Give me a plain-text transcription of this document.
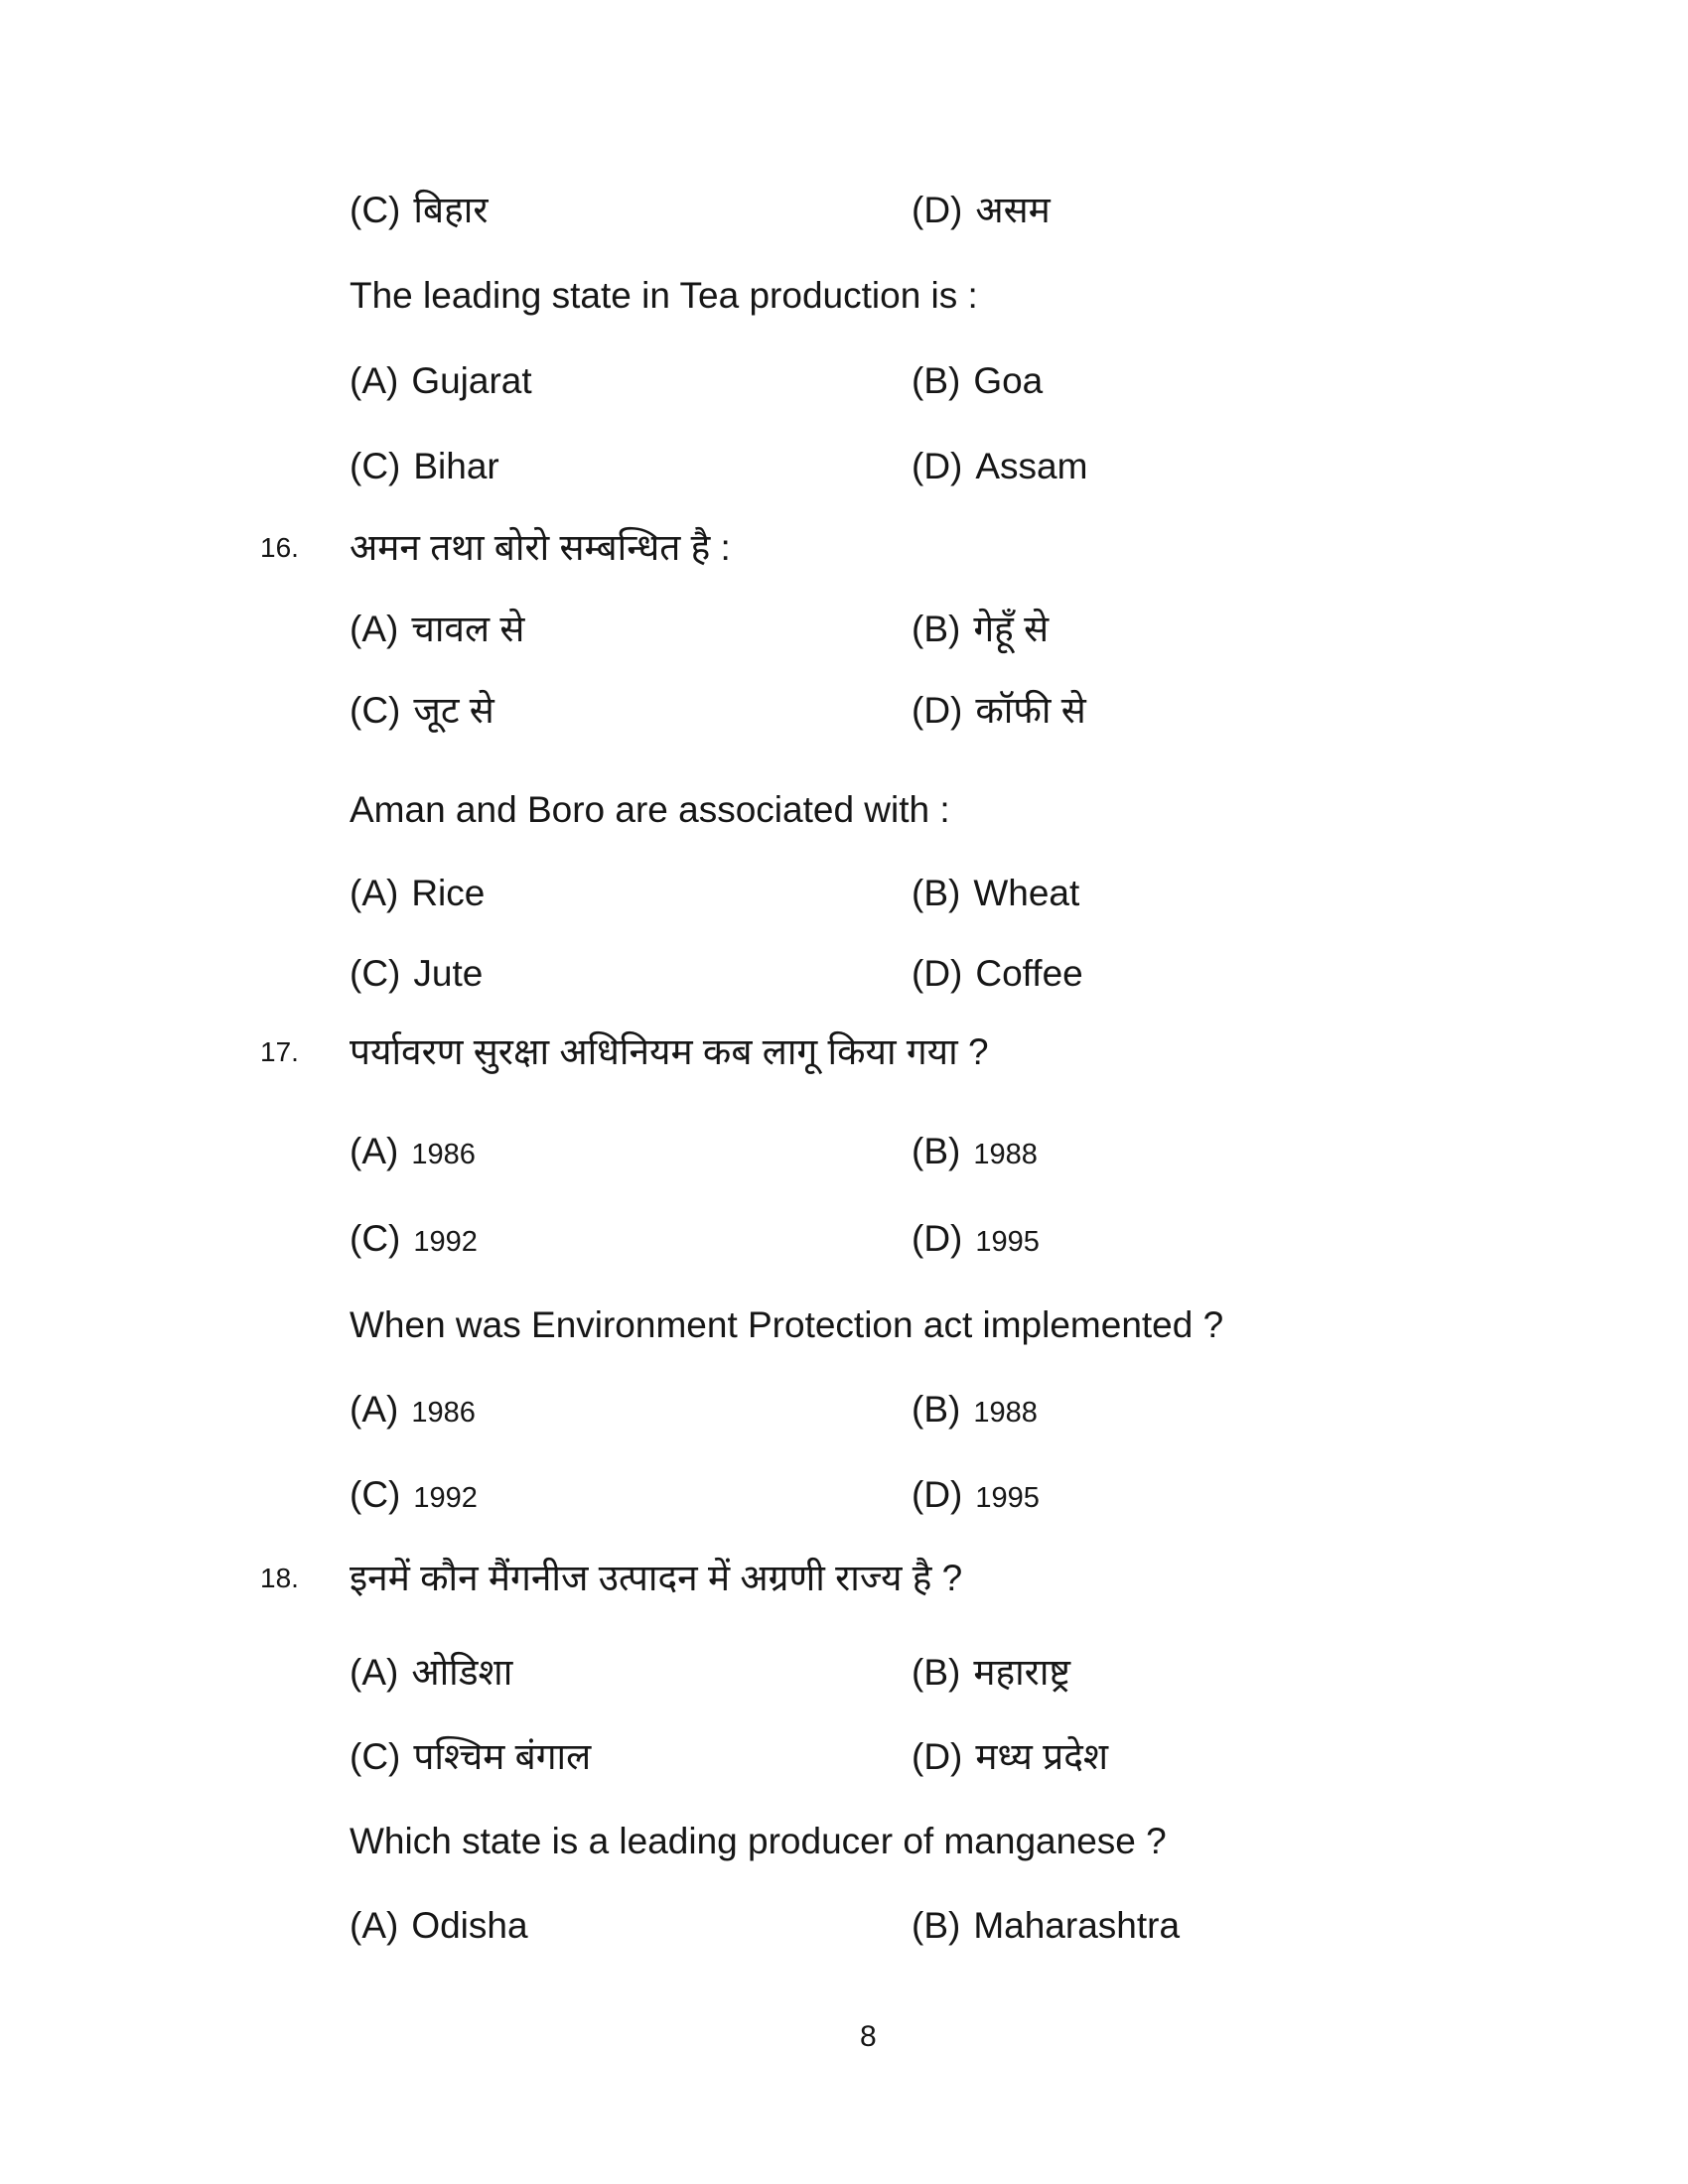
(C) बिहार	(D) असम
The leading state in Tea production is :
(A) Gujarat	(B) Goa
(C) Bihar	(D) Assam
16. अमन तथा बोरो सम्बन्धित है :
(A) चावल से	(B) गेहूँ से
(C) जूट से	(D) कॉफी से
Aman and Boro are associated with :
(A) Rice	(B) Wheat
(C) Jute	(D) Coffee
17. पर्यावरण सुरक्षा अधिनियम कब लागू किया गया ?
(A) 1986	(B) 1988
(C) 1992	(D) 1995
When was Environment Protection act implemented ?
(A) 1986	(B) 1988
(C) 1992	(D) 1995
18. इनमें कौन मैंगनीज उत्पादन में अग्रणी राज्य है ?
(A) ओडिशा	(B) महाराष्ट्र
(C) पश्चिम बंगाल	(D) मध्य प्रदेश
Which state is a leading producer of manganese ?
(A) Odisha	(B) Maharashtra
8
